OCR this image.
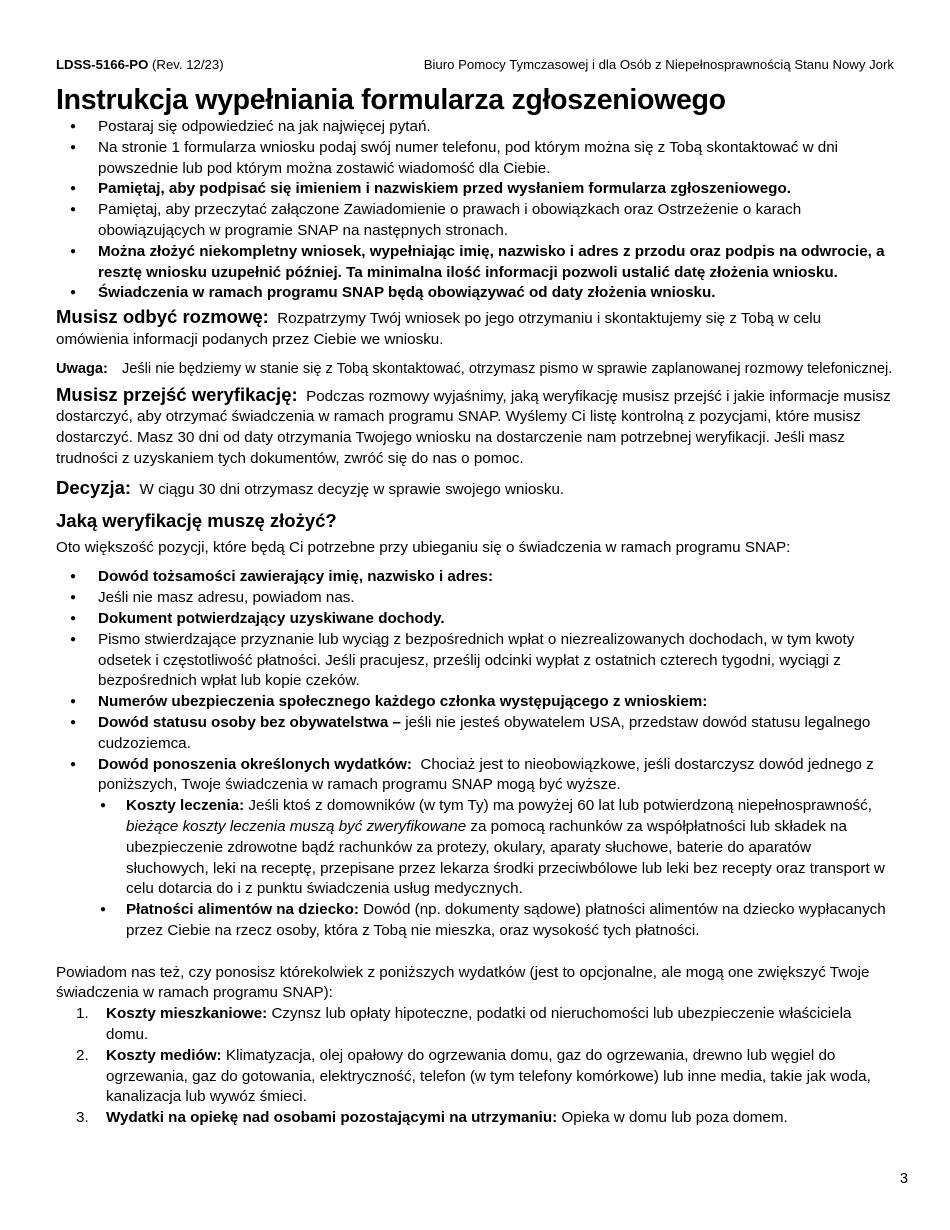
LDSS-5166-PO (Rev. 12/23)	Biuro Pomocy Tymczasowej i dla Osób z Niepełnosprawnością Stanu Nowy Jork
Instrukcja wypełniania formularza zgłoszeniowego
● Postaraj się odpowiedzieć na jak najwięcej pytań.
● Na stronie 1 formularza wniosku podaj swój numer telefonu, pod którym można się z Tobą skontaktować w dni powszednie lub pod którym można zostawić wiadomość dla Ciebie.
● Pamiętaj, aby podpisać się imieniem i nazwiskiem przed wysłaniem formularza zgłoszeniowego.
● Pamiętaj, aby przeczytać załączone Zawiadomienie o prawach i obowiązkach oraz Ostrzeżenie o karach obowiązujących w programie SNAP na następnych stronach.
● Można złożyć niekompletny wniosek, wypełniając imię, nazwisko i adres z przodu oraz podpis na odwrocie, a resztę wniosku uzupełnić później. Ta minimalna ilość informacji pozwoli ustalić datę złożenia wniosku.
● Świadczenia w ramach programu SNAP będą obowiązywać od daty złożenia wniosku.
Musisz odbyć rozmowę: Rozpatrzymy Twój wniosek po jego otrzymaniu i skontaktujemy się z Tobą w celu omówienia informacji podanych przez Ciebie we wniosku.
Uwaga: Jeśli nie będziemy w stanie się z Tobą skontaktować, otrzymasz pismo w sprawie zaplanowanej rozmowy telefonicznej.
Musisz przejść weryfikację: Podczas rozmowy wyjaśnimy, jaką weryfikację musisz przejść i jakie informacje musisz dostarczyć, aby otrzymać świadczenia w ramach programu SNAP. Wyślemy Ci listę kontrolną z pozycjami, które musisz dostarczyć. Masz 30 dni od daty otrzymania Twojego wniosku na dostarczenie nam potrzebnej weryfikacji. Jeśli masz trudności z uzyskaniem tych dokumentów, zwróć się do nas o pomoc.
Decyzja: W ciągu 30 dni otrzymasz decyzję w sprawie swojego wniosku.
Jaką weryfikację muszę złożyć?
Oto większość pozycji, które będą Ci potrzebne przy ubieganiu się o świadczenia w ramach programu SNAP:
● Dowód tożsamości zawierający imię, nazwisko i adres:
● Jeśli nie masz adresu, powiadom nas.
● Dokument potwierdzający uzyskiwane dochody.
● Pismo stwierdzające przyznanie lub wyciąg z bezpośrednich wpłat o niezrealizowanych dochodach, w tym kwoty odsetek i częstotliwość płatności. Jeśli pracujesz, prześlij odcinki wypłat z ostatnich czterech tygodni, wyciągi z bezpośrednich wpłat lub kopie czeków.
● Numerów ubezpieczenia społecznego każdego członka występującego z wnioskiem:
● Dowód statusu osoby bez obywatelstwa – jeśli nie jesteś obywatelem USA, przedstaw dowód statusu legalnego cudzoziemca.
● Dowód ponoszenia określonych wydatków: Chociaż jest to nieobowiązkowe, jeśli dostarczysz dowód jednego z poniższych, Twoje świadczenia w ramach programu SNAP mogą być wyższe.
● Koszty leczenia: Jeśli ktoś z domowników (w tym Ty) ma powyżej 60 lat lub potwierdzoną niepełnosprawność, bieżące koszty leczenia muszą być zweryfikowane za pomocą rachunków za współpłatności lub składek na ubezpieczenie zdrowotne bądź rachunków za protezy, okulary, aparaty słuchowe, baterie do aparatów słuchowych, leki na receptę, przepisane przez lekarza środki przeciwbólowe lub leki bez recepty oraz transport w celu dotarcia do i z punktu świadczenia usług medycznych.
● Płatności alimentów na dziecko: Dowód (np. dokumenty sądowe) płatności alimentów na dziecko wypłacanych przez Ciebie na rzecz osoby, która z Tobą nie mieszka, oraz wysokość tych płatności.
Powiadom nas też, czy ponosisz którekolwiek z poniższych wydatków (jest to opcjonalne, ale mogą one zwiększyć Twoje świadczenia w ramach programu SNAP):
1. Koszty mieszkaniowe: Czynsz lub opłaty hipoteczne, podatki od nieruchomości lub ubezpieczenie właściciela domu.
2. Koszty mediów: Klimatyzacja, olej opałowy do ogrzewania domu, gaz do ogrzewania, drewno lub węgiel do ogrzewania, gaz do gotowania, elektryczność, telefon (w tym telefony komórkowe) lub inne media, takie jak woda, kanalizacja lub wywóz śmieci.
3. Wydatki na opiekę nad osobami pozostającymi na utrzymaniu: Opieka w domu lub poza domem.
3
